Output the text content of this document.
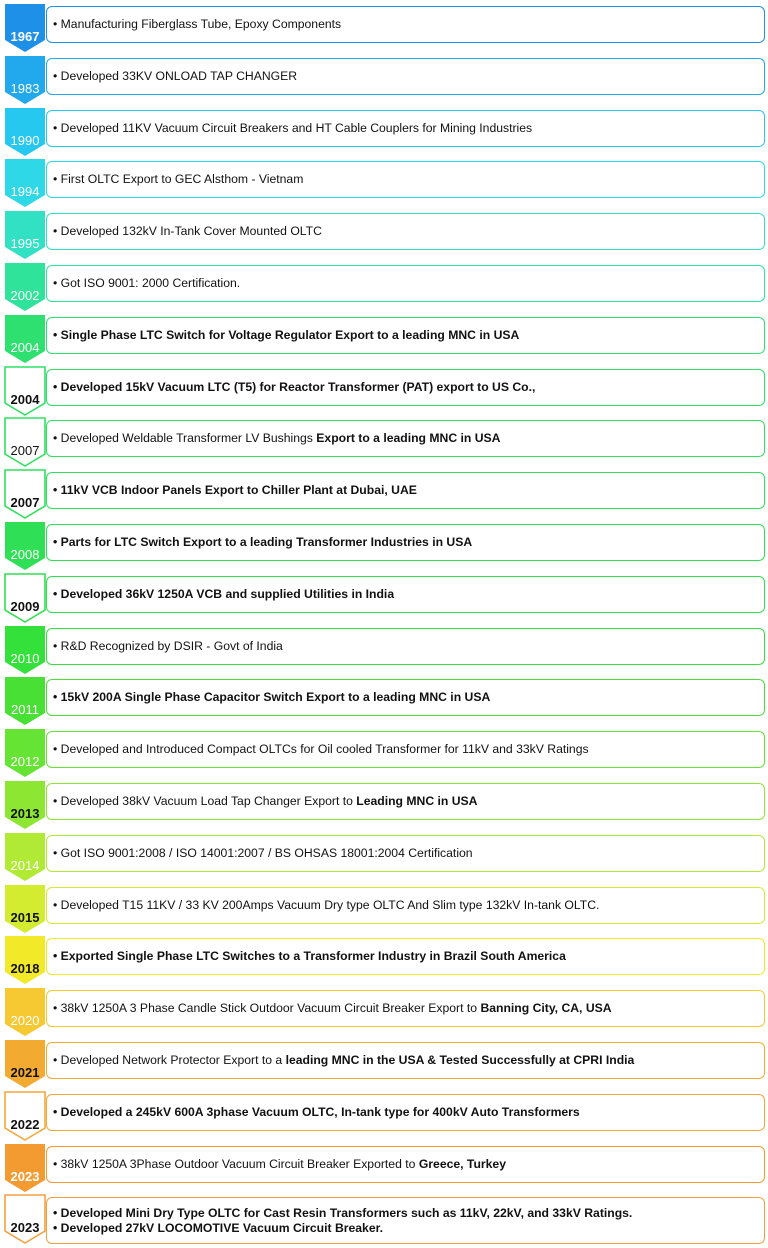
1967
• Manufacturing Fiberglass Tube, Epoxy Components
1983
• Developed 33KV ONLOAD TAP CHANGER
1990
• Developed 11KV Vacuum Circuit Breakers and HT Cable Couplers for Mining Industries
1994
• First OLTC Export to GEC Alsthom - Vietnam
1995
• Developed 132kV In-Tank Cover Mounted OLTC
2002
• Got ISO 9001: 2000 Certification.
2004
• Single Phase LTC Switch for Voltage Regulator Export to a leading MNC in USA
2004
• Developed 15kV Vacuum LTC (T5) for Reactor Transformer (PAT) export to US Co.,
2007
• Developed Weldable Transformer LV Bushings Export to a leading MNC in USA
2007
• 11kV VCB Indoor Panels Export to Chiller Plant at Dubai, UAE
2008
• Parts for LTC Switch Export to a leading Transformer Industries in USA
2009
• Developed 36kV 1250A VCB and supplied Utilities in India
2010
• R&D Recognized by DSIR - Govt of India
2011
• 15kV 200A Single Phase Capacitor Switch Export to a leading MNC in USA
2012
• Developed and Introduced Compact OLTCs for Oil cooled Transformer for 11kV and 33kV Ratings
2013
• Developed 38kV Vacuum Load Tap Changer Export to Leading MNC in USA
2014
• Got ISO 9001:2008 / ISO 14001:2007 / BS OHSAS 18001:2004 Certification
2015
• Developed T15 11KV / 33 KV 200Amps Vacuum Dry type OLTC And Slim type 132kV In-tank OLTC.
2018
• Exported Single Phase LTC Switches to a Transformer Industry in Brazil South America
2020
• 38kV 1250A 3 Phase Candle Stick Outdoor Vacuum Circuit Breaker Export to Banning City, CA, USA
2021
• Developed Network Protector Export to a leading MNC in the USA & Tested Successfully at CPRI India
2022
• Developed a 245kV 600A 3phase Vacuum OLTC, In-tank type for 400kV Auto Transformers
2023
• 38kV 1250A 3Phase Outdoor Vacuum Circuit Breaker Exported to Greece, Turkey
2023
• Developed Mini Dry Type OLTC for Cast Resin Transformers such as 11kV, 22kV, and 33kV Ratings.
• Developed 27kV LOCOMOTIVE Vacuum Circuit Breaker.
